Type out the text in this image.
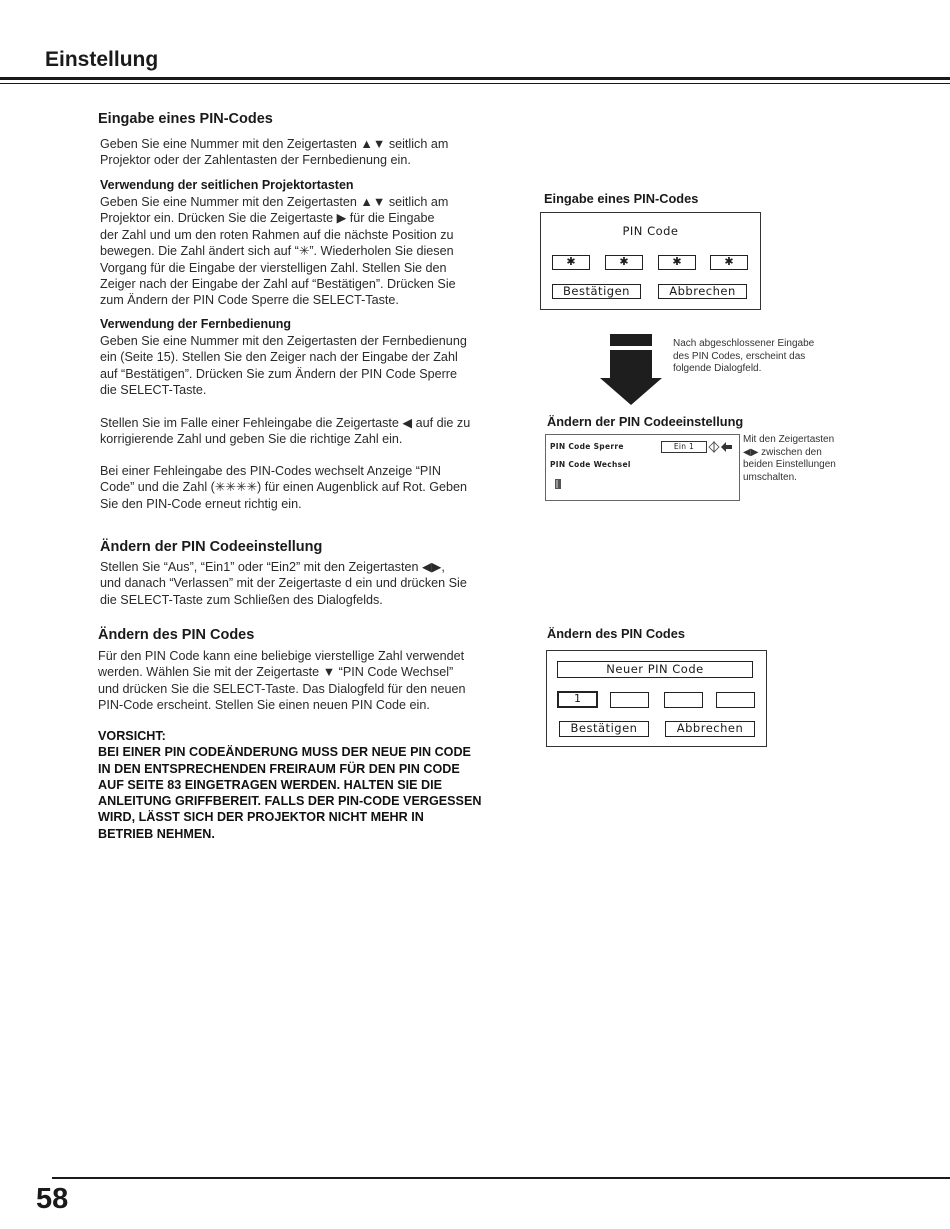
Einstellung
Eingabe eines PIN-Codes
Geben Sie eine Nummer mit den Zeigertasten ▲▼ seitlich am
Projektor oder der Zahlentasten der Fernbedienung ein.
Verwendung der seitlichen Projektortasten
Geben Sie eine Nummer mit den Zeigertasten ▲▼ seitlich am
Projektor ein. Drücken Sie die Zeigertaste ▶ für die Eingabe
der Zahl und um den roten Rahmen auf die nächste Position zu
bewegen. Die Zahl ändert sich auf “✳”. Wiederholen Sie diesen
Vorgang für die Eingabe der vierstelligen Zahl. Stellen Sie den
Zeiger nach der Eingabe der Zahl auf “Bestätigen”. Drücken Sie
zum Ändern der PIN Code Sperre die SELECT-Taste.
Verwendung der Fernbedienung
Geben Sie eine Nummer mit den Zeigertasten der Fernbedienung
ein (Seite 15). Stellen Sie den Zeiger nach der Eingabe der Zahl
auf “Bestätigen”. Drücken Sie zum Ändern der PIN Code Sperre
die SELECT-Taste.
Stellen Sie im Falle einer Fehleingabe die Zeigertaste ◀ auf die zu
korrigierende Zahl und geben Sie die richtige Zahl ein.
Bei einer Fehleingabe des PIN-Codes wechselt Anzeige “PIN
Code” und die Zahl (✳✳✳✳) für einen Augenblick auf Rot. Geben
Sie den PIN-Code erneut richtig ein.
Ändern der PIN Codeeinstellung
Stellen Sie “Aus”, “Ein1” oder “Ein2” mit den Zeigertasten ◀▶,
und danach “Verlassen” mit der Zeigertaste d ein und drücken Sie
die SELECT-Taste zum Schließen des Dialogfelds.
Ändern des PIN Codes
Für den PIN Code kann eine beliebige vierstellige Zahl verwendet
werden. Wählen Sie mit der Zeigertaste ▼ “PIN Code Wechsel”
und drücken Sie die SELECT-Taste. Das Dialogfeld für den neuen
PIN-Code erscheint. Stellen Sie einen neuen PIN Code ein.
VORSICHT:
BEI EINER PIN CODEÄNDERUNG MUSS DER NEUE PIN CODE
IN DEN ENTSPRECHENDEN FREIRAUM FÜR DEN PIN CODE
AUF SEITE 83 EINGETRAGEN WERDEN. HALTEN SIE DIE
ANLEITUNG GRIFFBEREIT. FALLS DER PIN-CODE VERGESSEN
WIRD, LÄSST SICH DER PROJEKTOR NICHT MEHR IN
BETRIEB NEHMEN.
Eingabe eines PIN-Codes
PIN Code
✱	✱	✱	✱
Bestätigen	Abbrechen
Nach abgeschlossener Eingabe
des PIN Codes, erscheint das
folgende Dialogfeld.
Ändern der PIN Codeeinstellung
PIN Code Sperre	Ein 1
PIN Code Wechsel
Mit den Zeigertasten
◀▶ zwischen den
beiden Einstellungen
umschalten.
Ändern des PIN Codes
Neuer PIN Code
1
Bestätigen	Abbrechen
58
